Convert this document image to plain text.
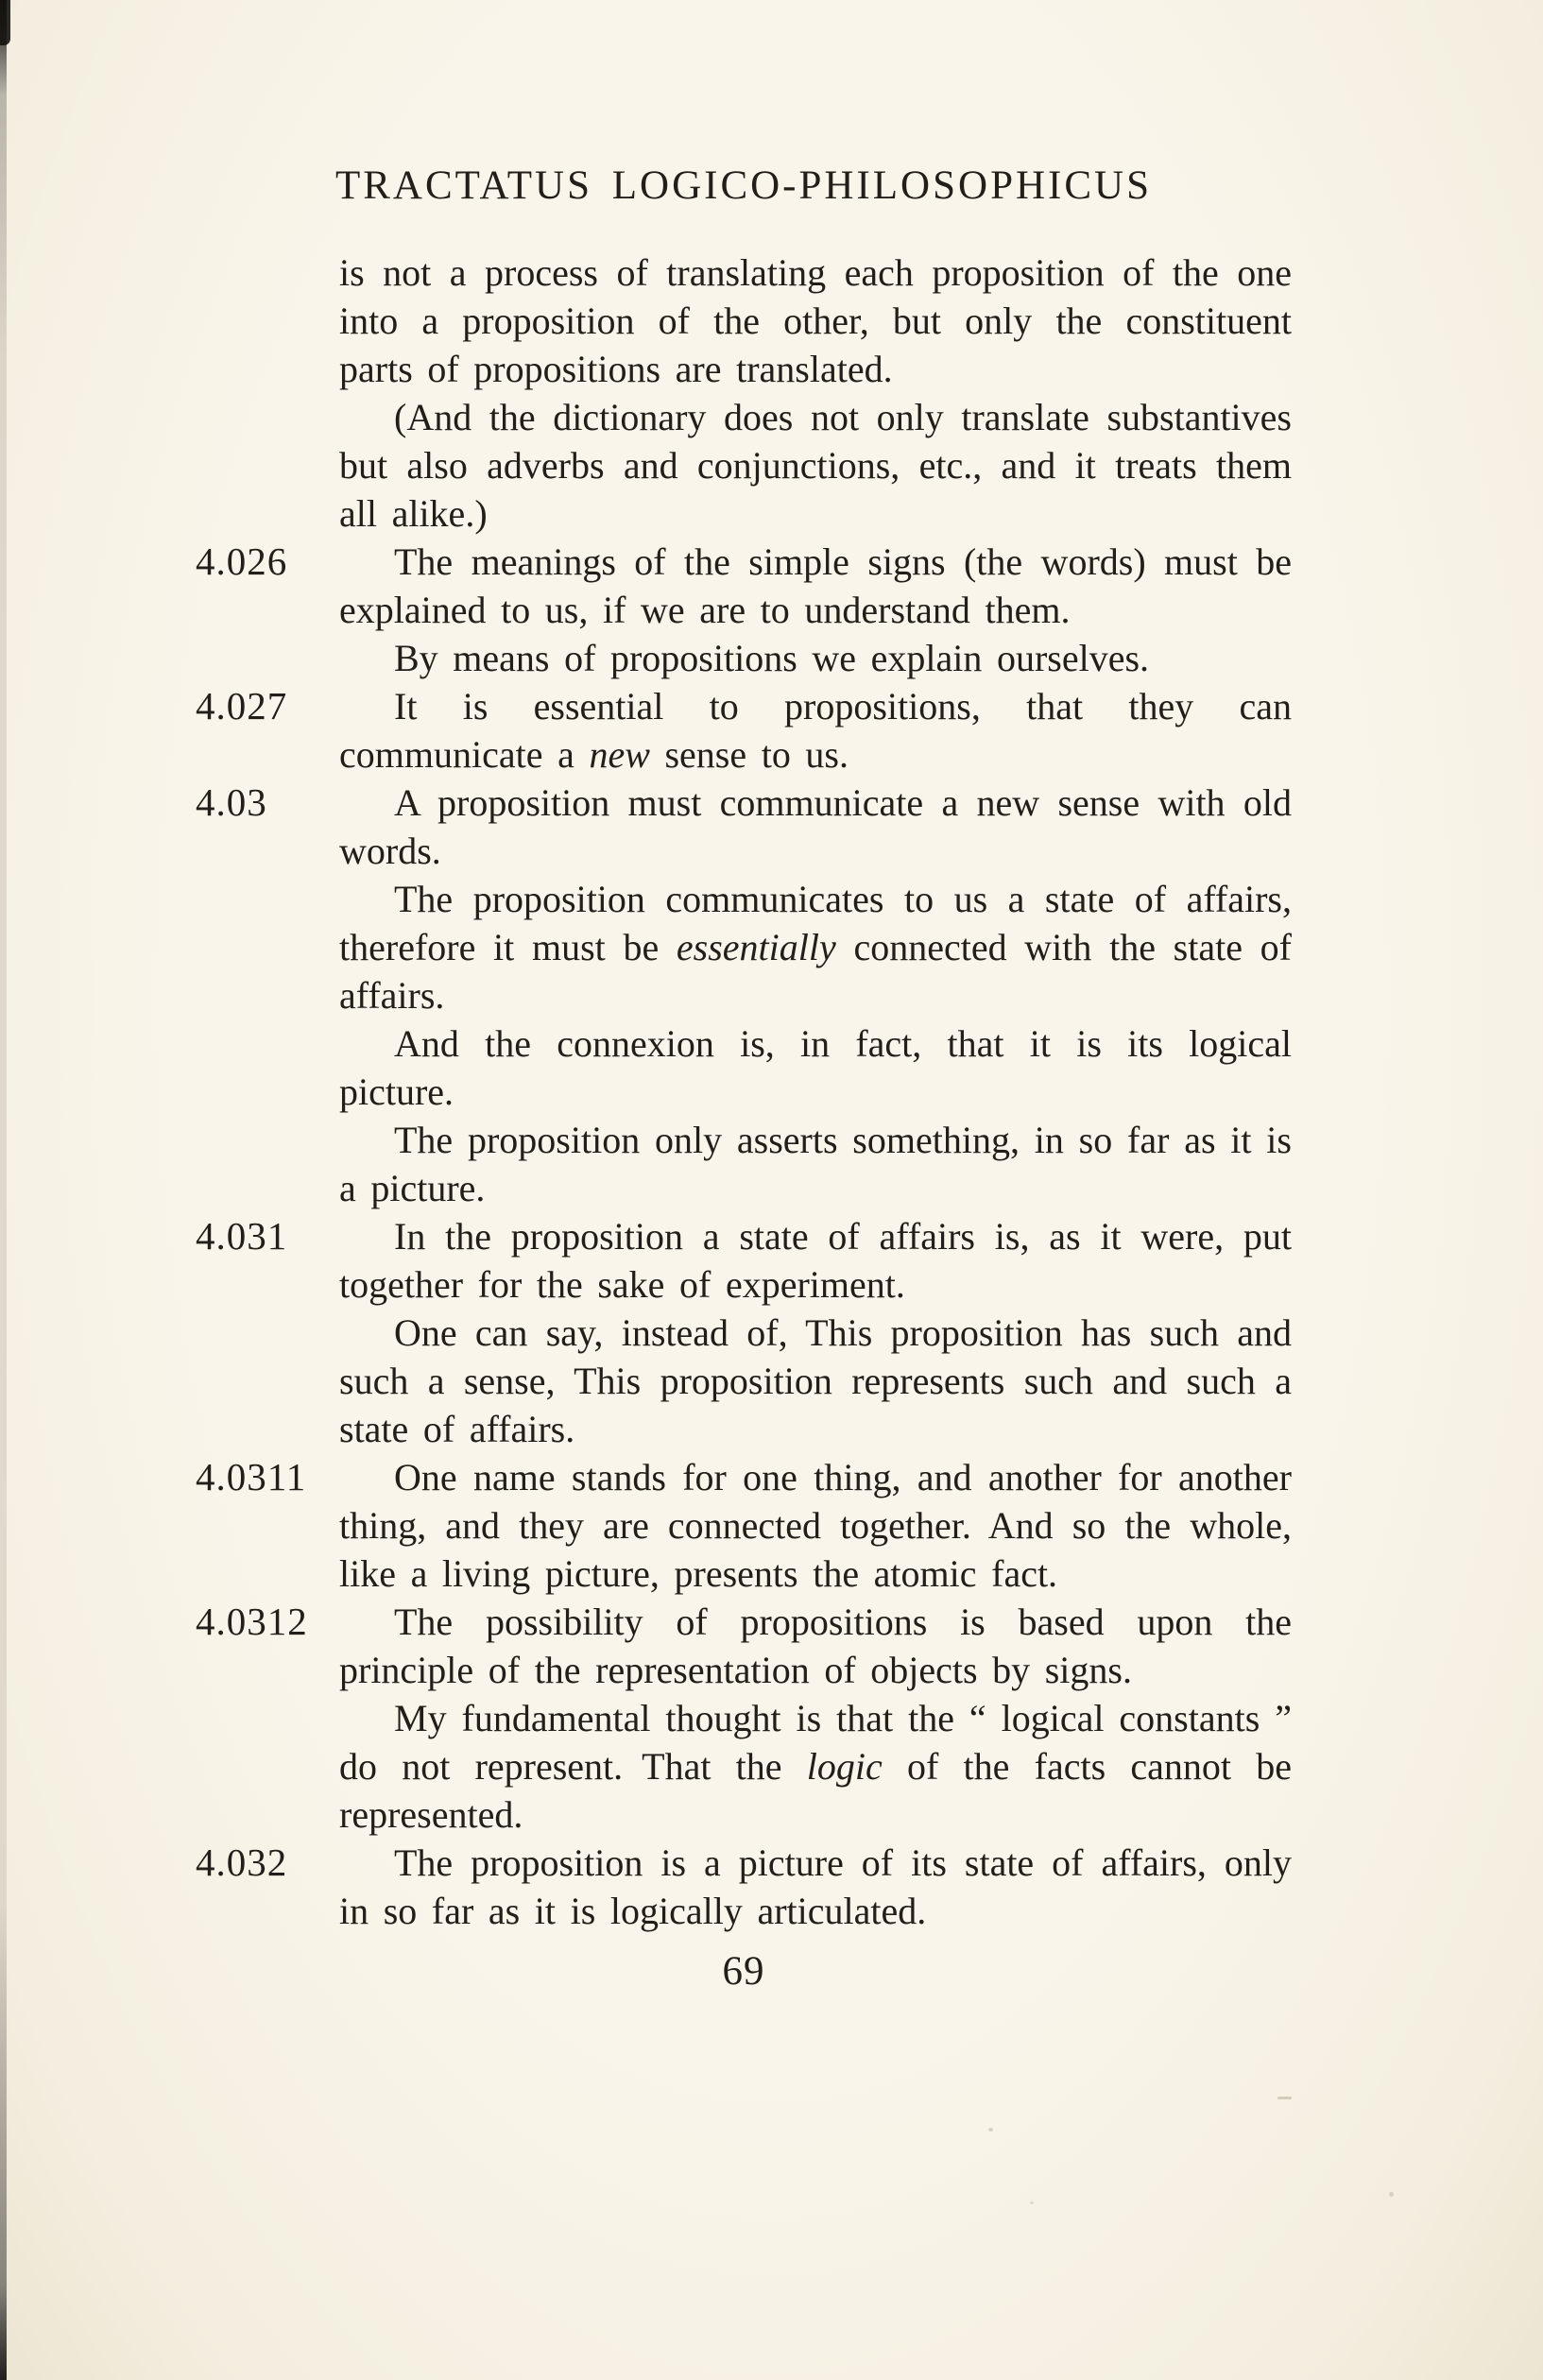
TRACTATUS LOGICO-PHILOSOPHICUS

is not a process of translating each proposition of the one into a proposition of the other, but only the constituent parts of propositions are translated.

(And the dictionary does not only translate substantives but also adverbs and conjunctions, etc., and it treats them all alike.)

4.026	The meanings of the simple signs (the words) must be explained to us, if we are to understand them.

By means of propositions we explain ourselves.

4.027	It is essential to propositions, that they can communicate a new sense to us.

4.03	A proposition must communicate a new sense with old words.

The proposition communicates to us a state of affairs, therefore it must be essentially connected with the state of affairs.

And the connexion is, in fact, that it is its logical picture.

The proposition only asserts something, in so far as it is a picture.

4.031	In the proposition a state of affairs is, as it were, put together for the sake of experiment.

One can say, instead of, This proposition has such and such a sense, This proposition represents such and such a state of affairs.

4.0311	One name stands for one thing, and another for another thing, and they are connected together. And so the whole, like a living picture, presents the atomic fact.

4.0312	The possibility of propositions is based upon the principle of the representation of objects by signs.

My fundamental thought is that the “ logical constants ” do not represent. That the logic of the facts cannot be represented.

4.032	The proposition is a picture of its state of affairs, only in so far as it is logically articulated.

69
